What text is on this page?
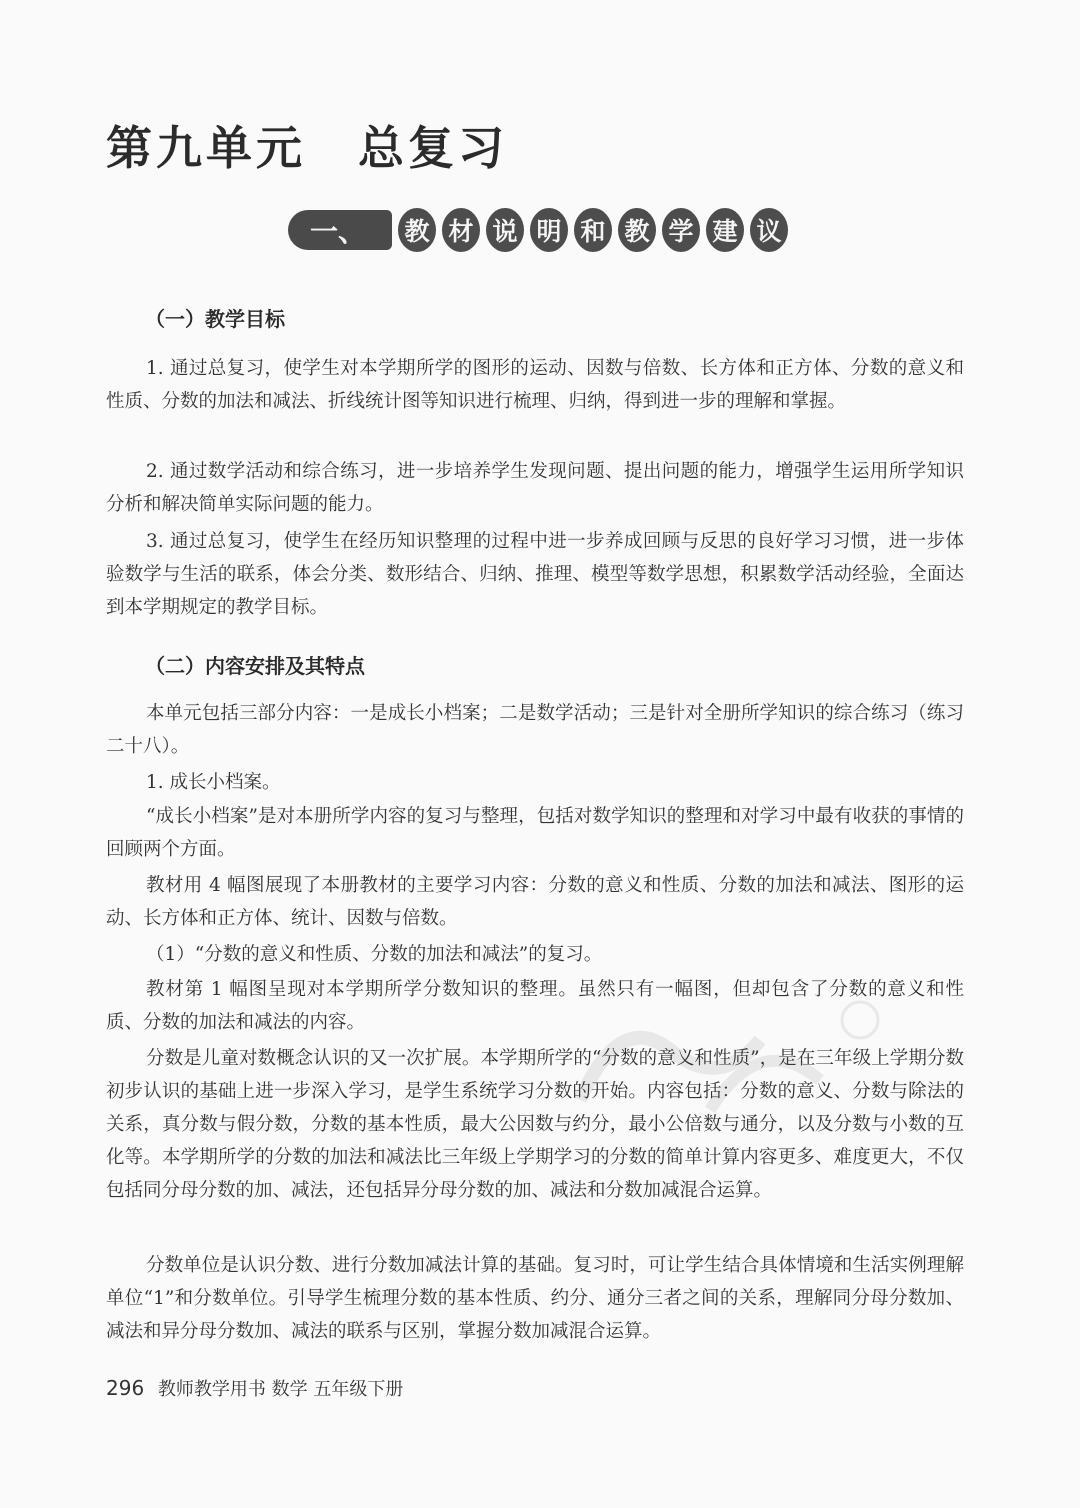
第九单元 总复习
一、	教 材 说 明 和 教 学 建 议
（一）教学目标
1. 通过总复习，使学生对本学期所学的图形的运动、因数与倍数、长方体和正方体、分数的意义和性质、分数的加法和减法、折线统计图等知识进行梳理、归纳，得到进一步的理解和掌握。
2. 通过数学活动和综合练习，进一步培养学生发现问题、提出问题的能力，增强学生运用所学知识分析和解决简单实际问题的能力。
3. 通过总复习，使学生在经历知识整理的过程中进一步养成回顾与反思的良好学习习惯，进一步体验数学与生活的联系，体会分类、数形结合、归纳、推理、模型等数学思想，积累数学活动经验，全面达到本学期规定的教学目标。
（二）内容安排及其特点
本单元包括三部分内容：一是成长小档案；二是数学活动；三是针对全册所学知识的综合练习（练习二十八）。
1. 成长小档案。
“成长小档案”是对本册所学内容的复习与整理，包括对数学知识的整理和对学习中最有收获的事情的回顾两个方面。
教材用 4 幅图展现了本册教材的主要学习内容：分数的意义和性质、分数的加法和减法、图形的运动、长方体和正方体、统计、因数与倍数。
（1）“分数的意义和性质、分数的加法和减法”的复习。
教材第 1 幅图呈现对本学期所学分数知识的整理。虽然只有一幅图，但却包含了分数的意义和性质、分数的加法和减法的内容。
分数是儿童对数概念认识的又一次扩展。本学期所学的“分数的意义和性质”，是在三年级上学期分数初步认识的基础上进一步深入学习，是学生系统学习分数的开始。内容包括：分数的意义、分数与除法的关系，真分数与假分数，分数的基本性质，最大公因数与约分，最小公倍数与通分，以及分数与小数的互化等。本学期所学的分数的加法和减法比三年级上学期学习的分数的简单计算内容更多、难度更大，不仅包括同分母分数的加、减法，还包括异分母分数的加、减法和分数加减混合运算。
分数单位是认识分数、进行分数加减法计算的基础。复习时，可让学生结合具体情境和生活实例理解单位“1”和分数单位。引导学生梳理分数的基本性质、约分、通分三者之间的关系，理解同分母分数加、减法和异分母分数加、减法的联系与区别，掌握分数加减混合运算。
296 教师教学用书 数学 五年级下册
